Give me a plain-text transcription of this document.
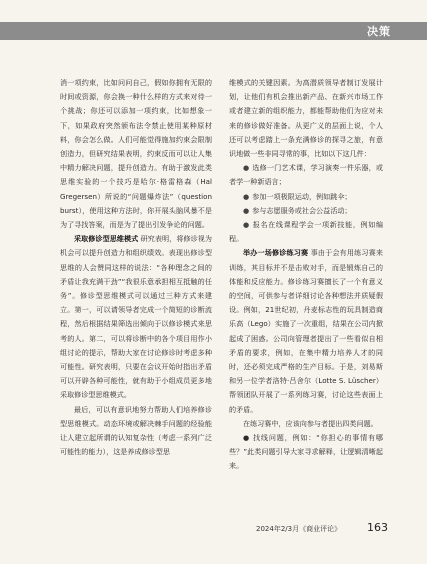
决策

消一项约束，比如问问自己，假如你拥有无限的时间或资源，你会换一种什么样的方式来对待一个挑战；你还可以添加一项约束，比如想象一下，如果政府突然颁布法令禁止使用某种原材料，你会怎么做。人们可能觉得施加约束会限制创造力，但研究结果表明，约束反而可以让人集中精力解决问题，提升创造力。有助于激发此类思维实验的一个技巧是哈尔·格雷格森（Hal Gregersen）所说的“问题爆炸法”（question burst），使用这种方法时，你开展头脑风暴不是为了寻找答案，而是为了提出引发争论的问题。

采取修诊型思维模式 研究表明，将修诊视为机会可以提升创造力和组织绩效。表现出修诊型思维的人会赞同这样的说法：“各种理念之间的矛盾让我充满干劲”“我很乐意承担相互抵触的任务”。修诊型思维模式可以通过三种方式来建立。第一，可以请领导者完成一个简短的诊断流程，然后根据结果筛选出倾向于以修诊模式来思考的人。第二，可以将诊断中的各个项目用作小组讨论的提示，帮助大家在讨论修诊时考虑多种可能性。研究表明，只要在会议开始时指出矛盾可以开辟各种可能性，就有助于小组成员更多地采取修诊型思维模式。

最后，可以有意识地努力帮助人们培养修诊型思维模式。动态环境或解决棘手问题的经验能让人建立起所谓的认知复杂性（考虑一系列广泛可能性的能力），这是养成修诊型思

维模式的关键因素。为高潜质领导者制订发展计划，让他们有机会推出新产品、在新兴市场工作或者建立新的组织能力，都能帮助他们为应对未来的修诊做好准备。从更广义的层面上说，个人还可以考虑踏上一条充满修诊的探寻之旅，有意识地做一些非同寻常的事，比如以下这几件：

● 选修一门艺术课，学习演奏一件乐器，或者学一种新语言；

● 参加一项极限运动，例如跳伞；

● 参与志愿服务或社会公益活动；

● 报名在线课程学会一项新技能，例如编程。

举办一场修诊练习赛 事由于会有用练习赛来训练，其目标并不是击败对手，而是锻炼自己的体能和反应能力。修诊练习赛擅长了一个有意义的空间，可供参与者详细讨论各种想法并质疑假设。例如，21世纪初，丹麦标志性的玩具制造商乐高（Lego）实施了一次重组，结果在公司内掀起成了困惑。公司向管理者提出了一些看似自相矛盾的要求，例如，在集中精力培养人才的同时，还必须完成严格的生产目标。于是，刘易斯和另一位学者洛特·吕舍尔（Lotte S. Lüscher）帮领团队开展了一系列练习赛，讨论这些表面上的矛盾。

在练习赛中，应该向参与者提出四类问题。

● 找线问题，例如：“你担心的事情有哪些？”此类问题引导大家寻求解释，让逻辑清晰起来。

2024年2/3月《商业评论》 163
